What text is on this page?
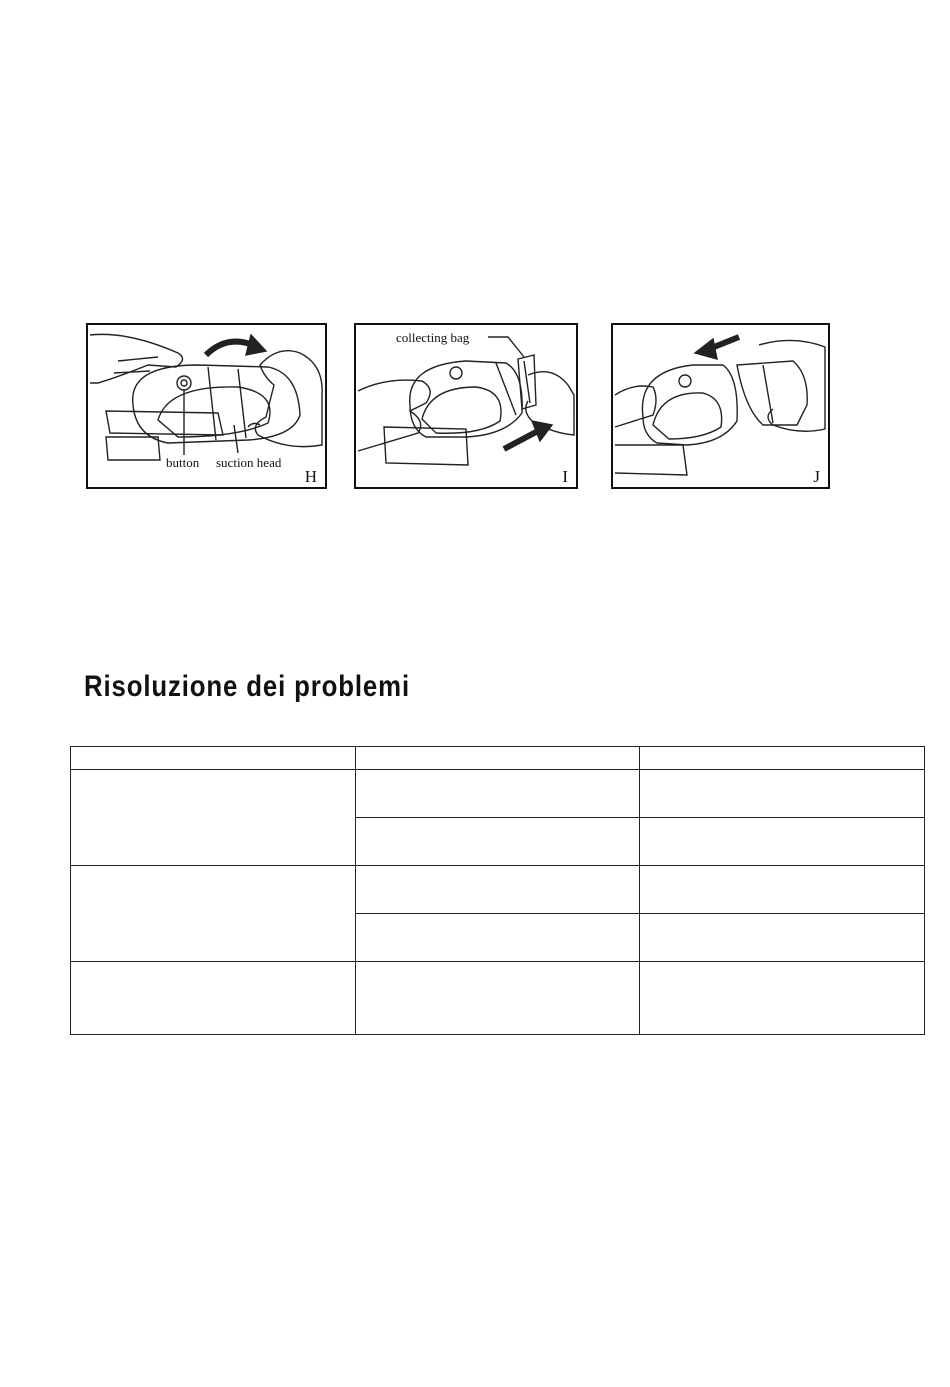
button suction head
H
collecting bag
I	J
Risoluzione dei problemi
